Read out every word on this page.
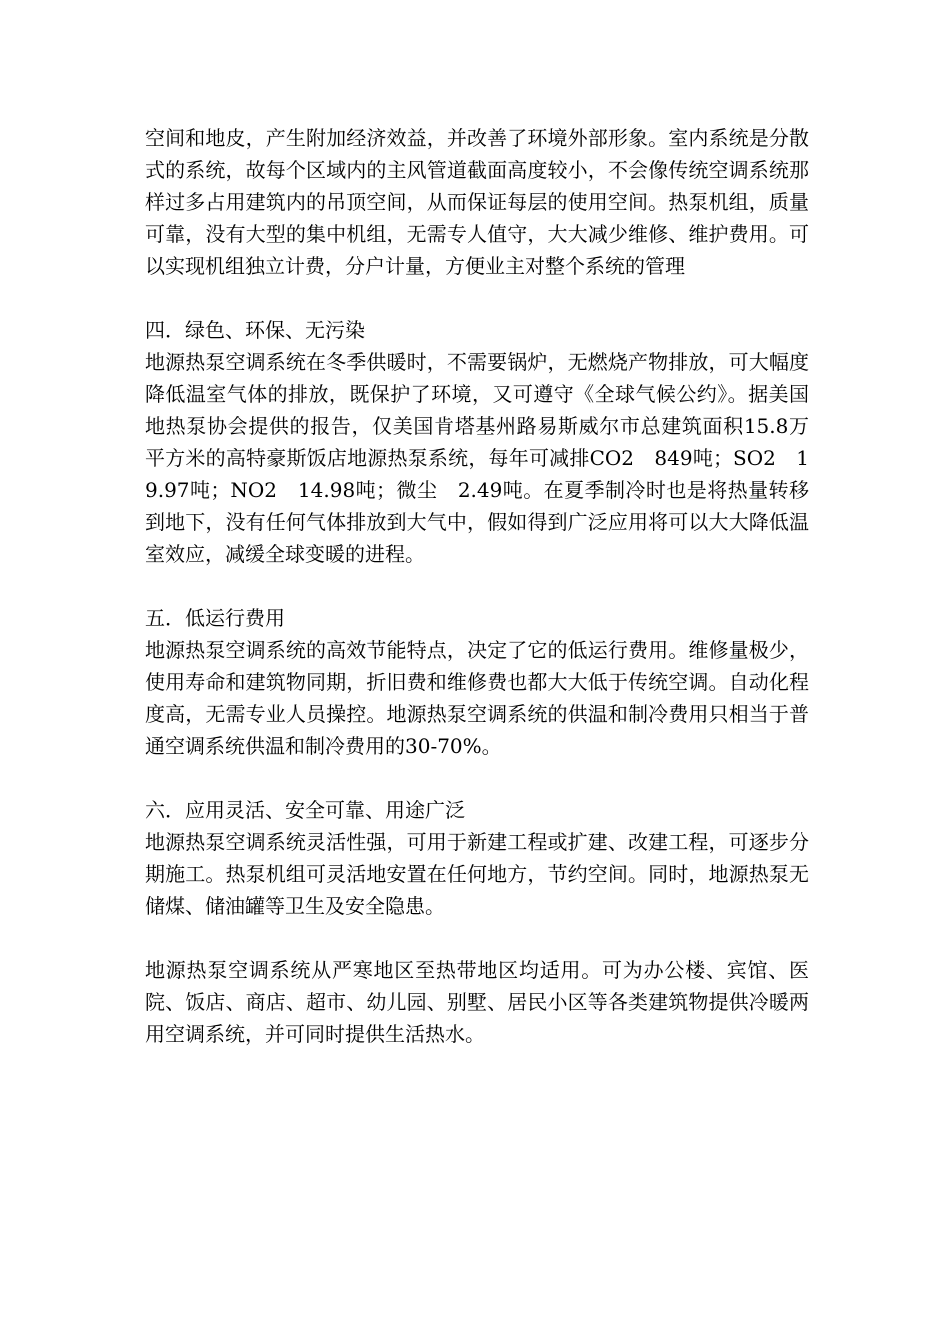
空间和地皮，产生附加经济效益，并改善了环境外部形象。室内系统是分散式的系统，故每个区域内的主风管道截面高度较小，不会像传统空调系统那样过多占用建筑内的吊顶空间，从而保证每层的使用空间。热泵机组，质量可靠，没有大型的集中机组，无需专人值守，大大减少维修、维护费用。可以实现机组独立计费，分户计量，方便业主对整个系统的管理

四．绿色、环保、无污染

地源热泵空调系统在冬季供暖时，不需要锅炉，无燃烧产物排放，可大幅度降低温室气体的排放，既保护了环境，又可遵守《全球气候公约》。据美国地热泵协会提供的报告，仅美国肯塔基州路易斯威尔市总建筑面积15.8万平方米的高特豪斯饭店地源热泵系统，每年可减排CO2　849吨；SO2　19.97吨；NO2　14.98吨；微尘　2.49吨。在夏季制冷时也是将热量转移到地下，没有任何气体排放到大气中，假如得到广泛应用将可以大大降低温室效应，减缓全球变暖的进程。

五．低运行费用

地源热泵空调系统的高效节能特点，决定了它的低运行费用。维修量极少，使用寿命和建筑物同期，折旧费和维修费也都大大低于传统空调。自动化程度高，无需专业人员操控。地源热泵空调系统的供温和制冷费用只相当于普通空调系统供温和制冷费用的30-70%。

六．应用灵活、安全可靠、用途广泛

地源热泵空调系统灵活性强，可用于新建工程或扩建、改建工程，可逐步分期施工。热泵机组可灵活地安置在任何地方，节约空间。同时，地源热泵无储煤、储油罐等卫生及安全隐患。

地源热泵空调系统从严寒地区至热带地区均适用。可为办公楼、宾馆、医院、饭店、商店、超市、幼儿园、别墅、居民小区等各类建筑物提供冷暖两用空调系统，并可同时提供生活热水。
